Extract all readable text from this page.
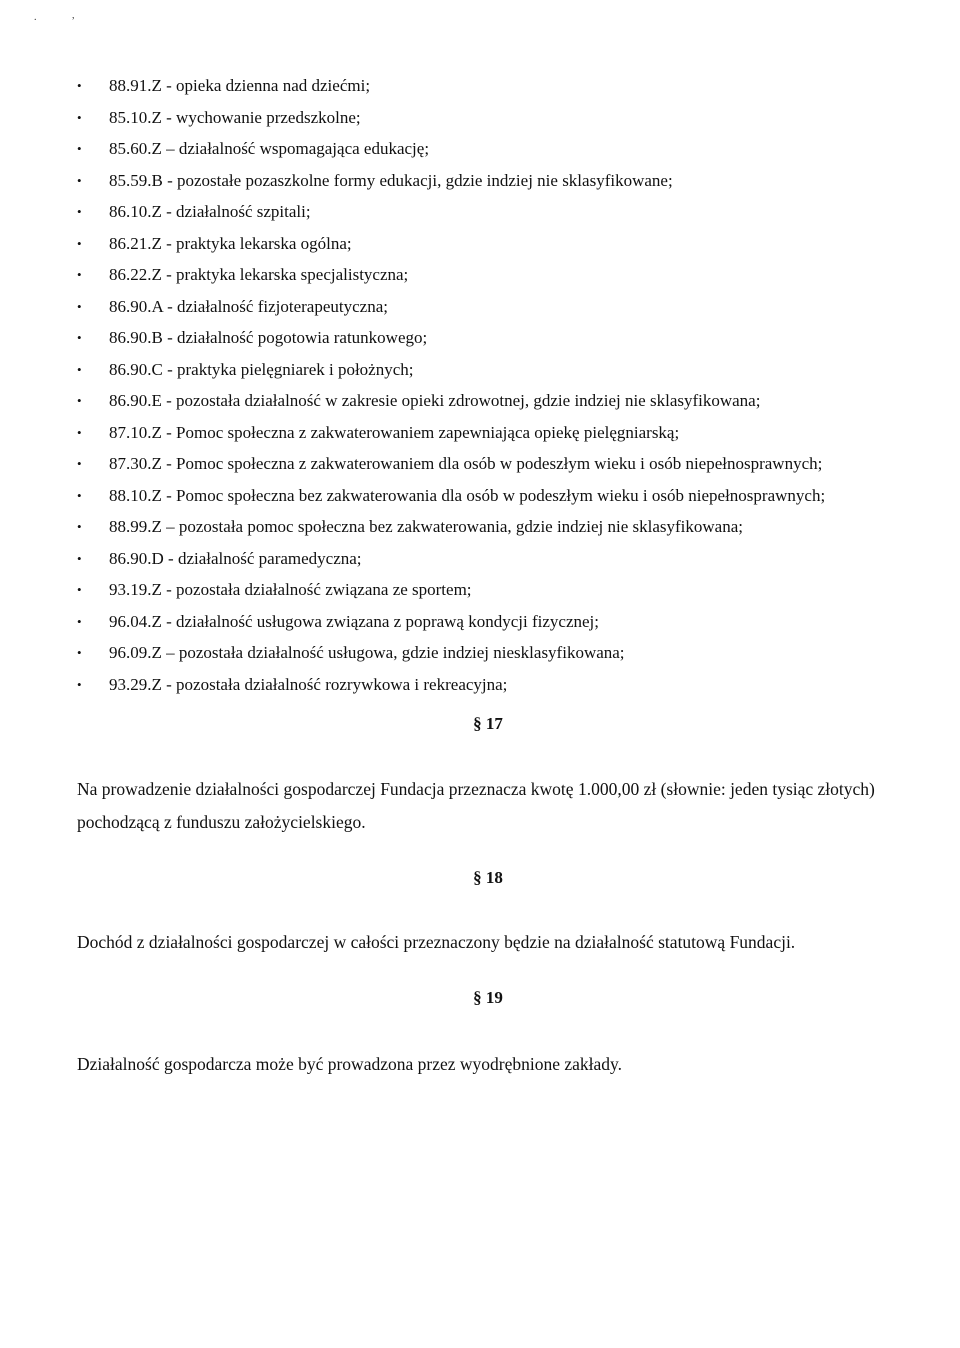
.	,
•	88.91.Z - opieka dzienna nad dziećmi;
•	85.10.Z - wychowanie przedszkolne;
•	85.60.Z – działalność wspomagająca edukację;
•	85.59.B - pozostałe pozaszkolne formy edukacji, gdzie indziej nie sklasyfikowane;
•	86.10.Z - działalność szpitali;
•	86.21.Z - praktyka lekarska ogólna;
•	86.22.Z - praktyka lekarska specjalistyczna;
•	86.90.A - działalność fizjoterapeutyczna;
•	86.90.B - działalność pogotowia ratunkowego;
•	86.90.C - praktyka pielęgniarek i położnych;
•	86.90.E - pozostała działalność w zakresie opieki zdrowotnej, gdzie indziej nie sklasyfikowana;
•	87.10.Z - Pomoc społeczna z zakwaterowaniem zapewniająca opiekę pielęgniarską;
•	87.30.Z - Pomoc społeczna z zakwaterowaniem dla osób w podeszłym wieku i osób niepełnosprawnych;
•	88.10.Z - Pomoc społeczna bez zakwaterowania dla osób w podeszłym wieku i osób niepełnosprawnych;
•	88.99.Z – pozostała pomoc społeczna bez zakwaterowania, gdzie indziej nie sklasyfikowana;
•	86.90.D - działalność paramedyczna;
•	93.19.Z - pozostała działalność związana ze sportem;
•	96.04.Z - działalność usługowa związana z poprawą kondycji fizycznej;
•	96.09.Z – pozostała działalność usługowa, gdzie indziej niesklasyfikowana;
•	93.29.Z - pozostała działalność rozrywkowa i rekreacyjna;
§ 17
Na prowadzenie działalności gospodarczej Fundacja przeznacza kwotę 1.000,00 zł (słownie: jeden tysiąc złotych) pochodzącą z funduszu założycielskiego.
§ 18
Dochód z działalności gospodarczej w całości przeznaczony będzie na działalność statutową Fundacji.
§ 19
Działalność gospodarcza może być prowadzona przez wyodrębnione zakłady.
